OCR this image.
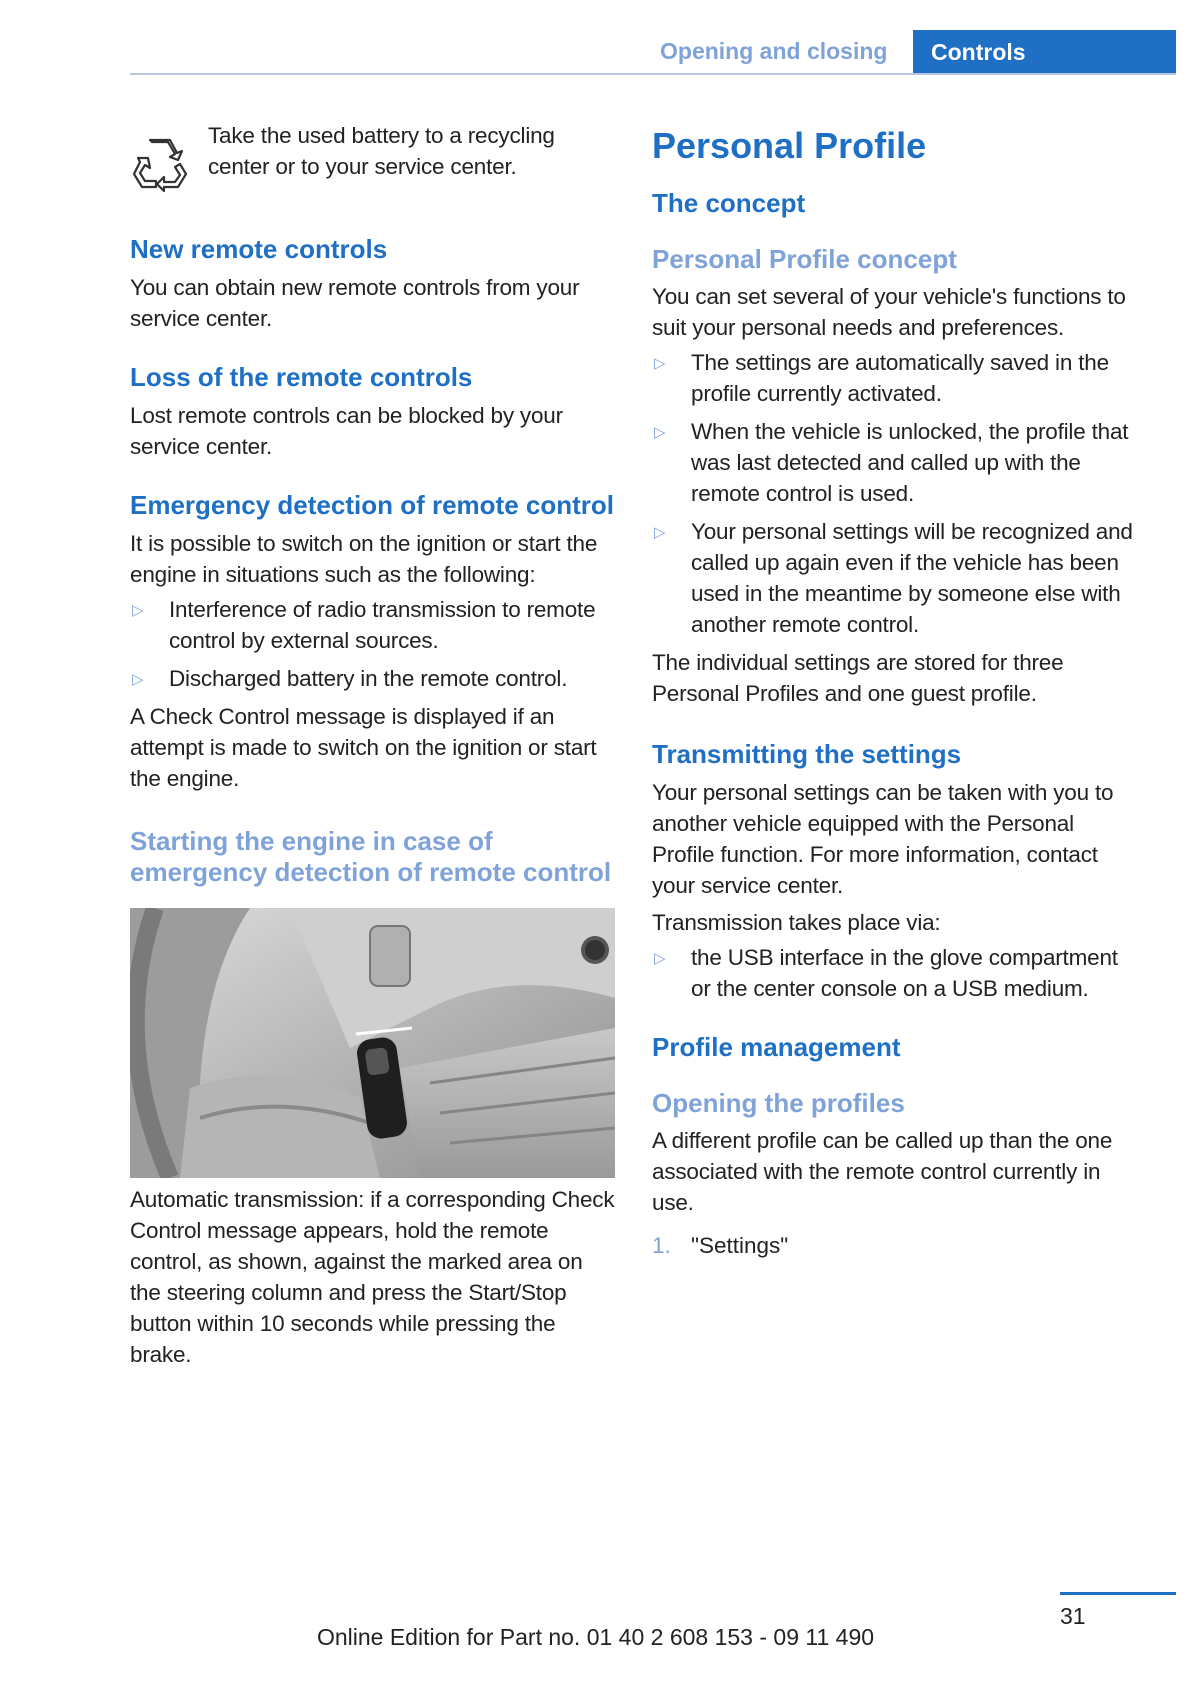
Opening and closing	Controls

Take the used battery to a recycling center or to your service center.

New remote controls

You can obtain new remote controls from your service center.

Loss of the remote controls

Lost remote controls can be blocked by your service center.

Emergency detection of remote control

It is possible to switch on the ignition or start the engine in situations such as the following:

▷ Interference of radio transmission to remote control by external sources.
▷ Discharged battery in the remote control.

A Check Control message is displayed if an attempt is made to switch on the ignition or start the engine.

Starting the engine in case of emergency detection of remote control

Automatic transmission: if a corresponding Check Control message appears, hold the remote control, as shown, against the marked area on the steering column and press the Start/Stop button within 10 seconds while pressing the brake.

Personal Profile
The concept
Personal Profile concept

You can set several of your vehicle's functions to suit your personal needs and preferences.

▷ The settings are automatically saved in the profile currently activated.
▷ When the vehicle is unlocked, the profile that was last detected and called up with the remote control is used.
▷ Your personal settings will be recognized and called up again even if the vehicle has been used in the meantime by someone else with another remote control.

The individual settings are stored for three Personal Profiles and one guest profile.

Transmitting the settings

Your personal settings can be taken with you to another vehicle equipped with the Personal Profile function. For more information, contact your service center.

Transmission takes place via:

▷ the USB interface in the glove compartment or the center console on a USB medium.
Profile management
Opening the profiles

A different profile can be called up than the one associated with the remote control currently in use.

1. "Settings"
31
Online Edition for Part no. 01 40 2 608 153 - 09 11 490
